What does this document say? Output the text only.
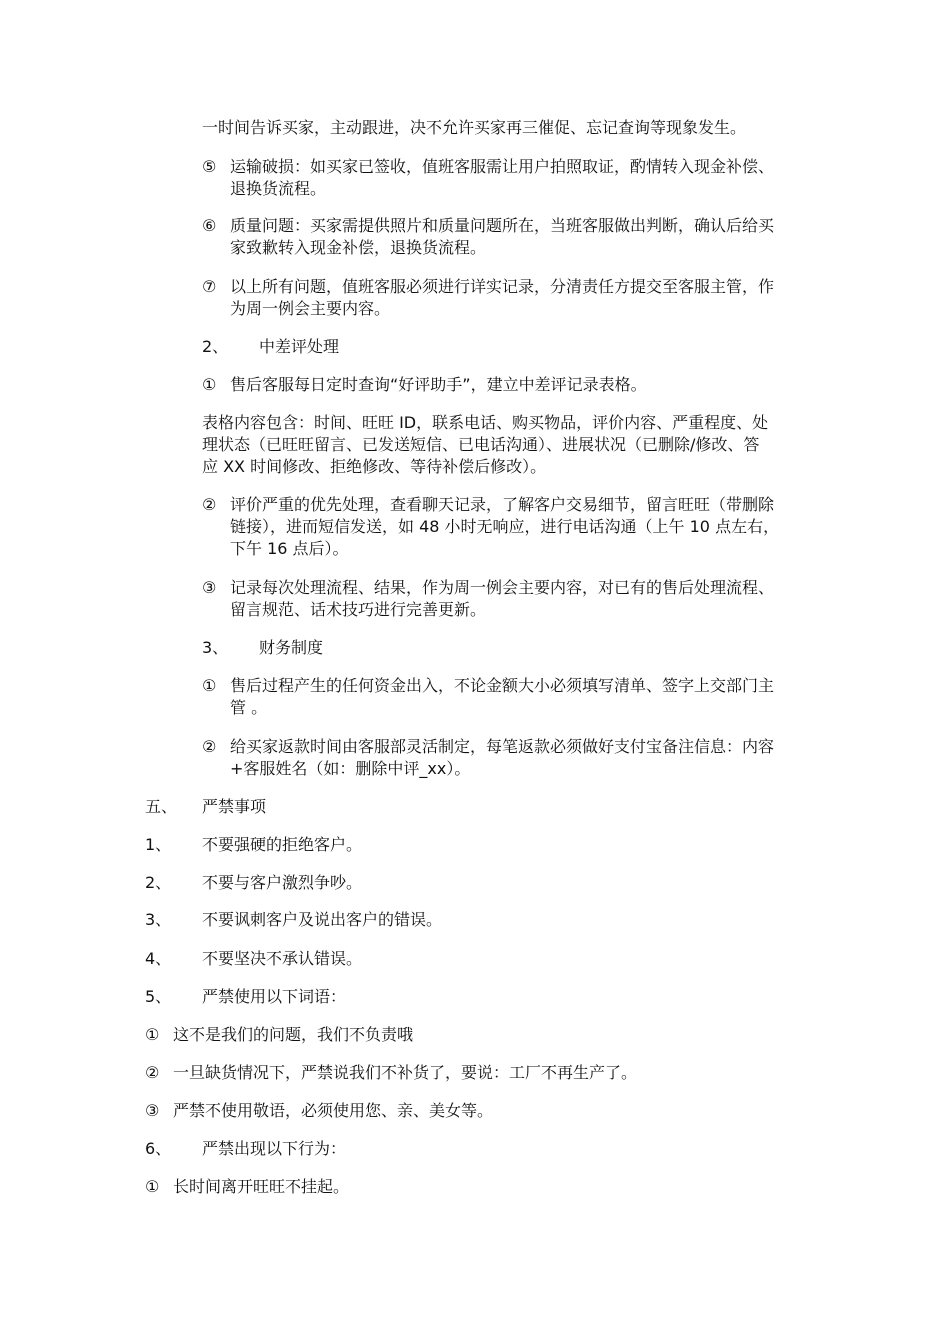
一时间告诉买家，主动跟进，决不允许买家再三催促、忘记查询等现象发生。

⑤ 运输破损：如买家已签收，值班客服需让用户拍照取证，酌情转入现金补偿、
退换货流程。
⑥ 质量问题：买家需提供照片和质量问题所在，当班客服做出判断，确认后给买
家致歉转入现金补偿，退换货流程。
⑦ 以上所有问题，值班客服必须进行详实记录，分清责任方提交至客服主管，作
为周一例会主要内容。
2、 中差评处理
① 售后客服每日定时查询“好评助手”，建立中差评记录表格。
表格内容包含：时间、旺旺 ID，联系电话、购买物品，评价内容、严重程度、处
理状态（已旺旺留言、已发送短信、已电话沟通）、进展状况（已删除/修改、答
应 XX 时间修改、拒绝修改、等待补偿后修改）。
② 评价严重的优先处理，查看聊天记录，了解客户交易细节，留言旺旺（带删除
链接），进而短信发送，如 48 小时无响应，进行电话沟通（上午 10 点左右，
下午 16 点后）。
③ 记录每次处理流程、结果，作为周一例会主要内容，对已有的售后处理流程、
留言规范、话术技巧进行完善更新。
3、 财务制度
① 售后过程产生的任何资金出入，不论金额大小必须填写清单、签字上交部门主
管 。
② 给买家返款时间由客服部灵活制定，每笔返款必须做好支付宝备注信息：内容
+客服姓名（如：删除中评_xx）。
五、 严禁事项
1、 不要强硬的拒绝客户。
2、 不要与客户激烈争吵。
3、 不要讽刺客户及说出客户的错误。
4、 不要坚决不承认错误。
5、 严禁使用以下词语：
① 这不是我们的问题，我们不负责哦
② 一旦缺货情况下，严禁说我们不补货了，要说：工厂不再生产了。
③ 严禁不使用敬语，必须使用您、亲、美女等。
6、 严禁出现以下行为：
① 长时间离开旺旺不挂起。
